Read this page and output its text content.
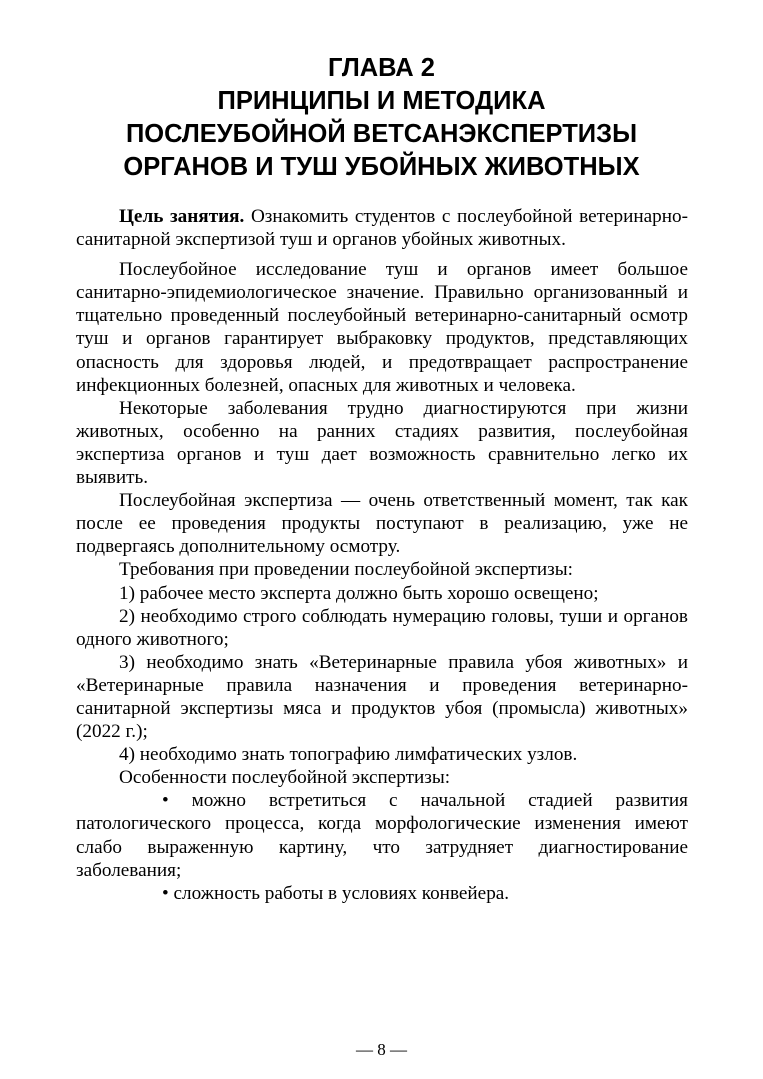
ГЛАВА 2
ПРИНЦИПЫ И МЕТОДИКА
ПОСЛЕУБОЙНОЙ ВЕТСАНЭКСПЕРТИЗЫ
ОРГАНОВ И ТУШ УБОЙНЫХ ЖИВОТНЫХ

Цель занятия. Ознакомить студентов с послеубойной ветеринарно-санитарной экспертизой туш и органов убойных животных.

Послеубойное исследование туш и органов имеет большое санитарно-эпидемиологическое значение. Правильно организованный и тщательно проведенный послеубойный ветеринарно-санитарный осмотр туш и органов гарантирует выбраковку продуктов, представляющих опасность для здоровья людей, и предотвращает распространение инфекционных болезней, опасных для животных и человека.

Некоторые заболевания трудно диагностируются при жизни животных, особенно на ранних стадиях развития, послеубойная экспертиза органов и туш дает возможность сравнительно легко их выявить.

Послеубойная экспертиза — очень ответственный момент, так как после ее проведения продукты поступают в реализацию, уже не подвергаясь дополнительному осмотру.

Требования при проведении послеубойной экспертизы:

1) рабочее место эксперта должно быть хорошо освещено;

2) необходимо строго соблюдать нумерацию головы, туши и органов одного животного;

3) необходимо знать «Ветеринарные правила убоя животных» и «Ветеринарные правила назначения и проведения ветеринарно-санитарной экспертизы мяса и продуктов убоя (промысла) животных» (2022 г.);

4) необходимо знать топографию лимфатических узлов.

Особенности послеубойной экспертизы:

• можно встретиться с начальной стадией развития патологического процесса, когда морфологические изменения имеют слабо выраженную картину, что затрудняет диагностирование заболевания;

• сложность работы в условиях конвейера.

— 8 —
